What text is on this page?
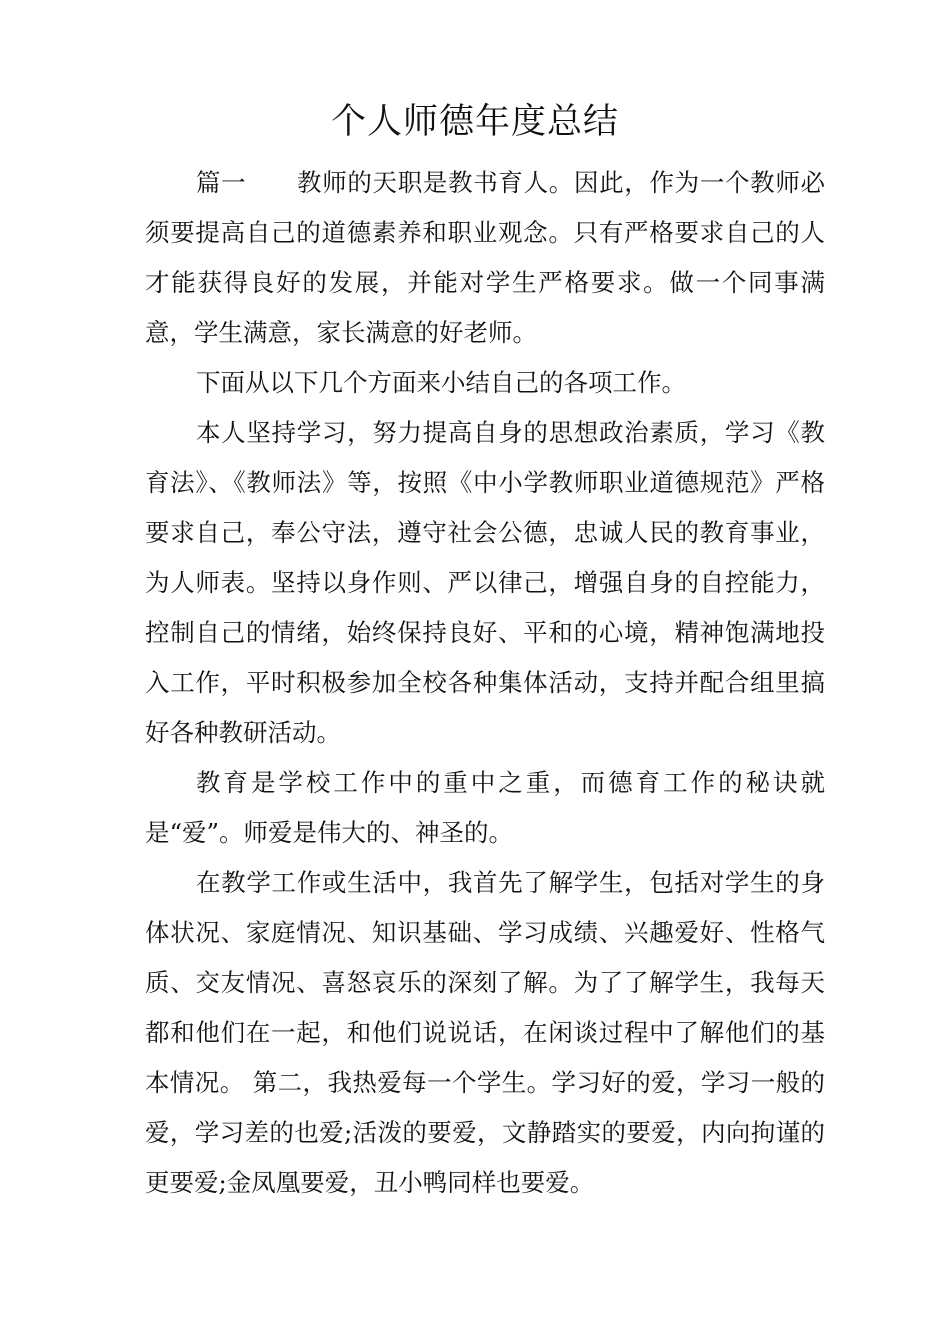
个人师德年度总结

篇一 教师的天职是教书育人。因此，作为一个教师必须要提高自己的道德素养和职业观念。只有严格要求自己的人才能获得良好的发展，并能对学生严格要求。做一个同事满意，学生满意，家长满意的好老师。

下面从以下几个方面来小结自己的各项工作。

本人坚持学习，努力提高自身的思想政治素质，学习《教育法》、《教师法》等，按照《中小学教师职业道德规范》严格要求自己，奉公守法，遵守社会公德，忠诚人民的教育事业，为人师表。坚持以身作则、严以律己，增强自身的自控能力，控制自己的情绪，始终保持良好、平和的心境，精神饱满地投入工作，平时积极参加全校各种集体活动，支持并配合组里搞好各种教研活动。

教育是学校工作中的重中之重，而德育工作的秘诀就是“爱”。师爱是伟大的、神圣的。

在教学工作或生活中，我首先了解学生，包括对学生的身体状况、家庭情况、知识基础、学习成绩、兴趣爱好、性格气质、交友情况、喜怒哀乐的深刻了解。为了了解学生，我每天都和他们在一起，和他们说说话，在闲谈过程中了解他们的基本情况。 第二，我热爱每一个学生。学习好的爱，学习一般的爱，学习差的也爱;活泼的要爱，文静踏实的要爱，内向拘谨的更要爱;金凤凰要爱，丑小鸭同样也要爱。
